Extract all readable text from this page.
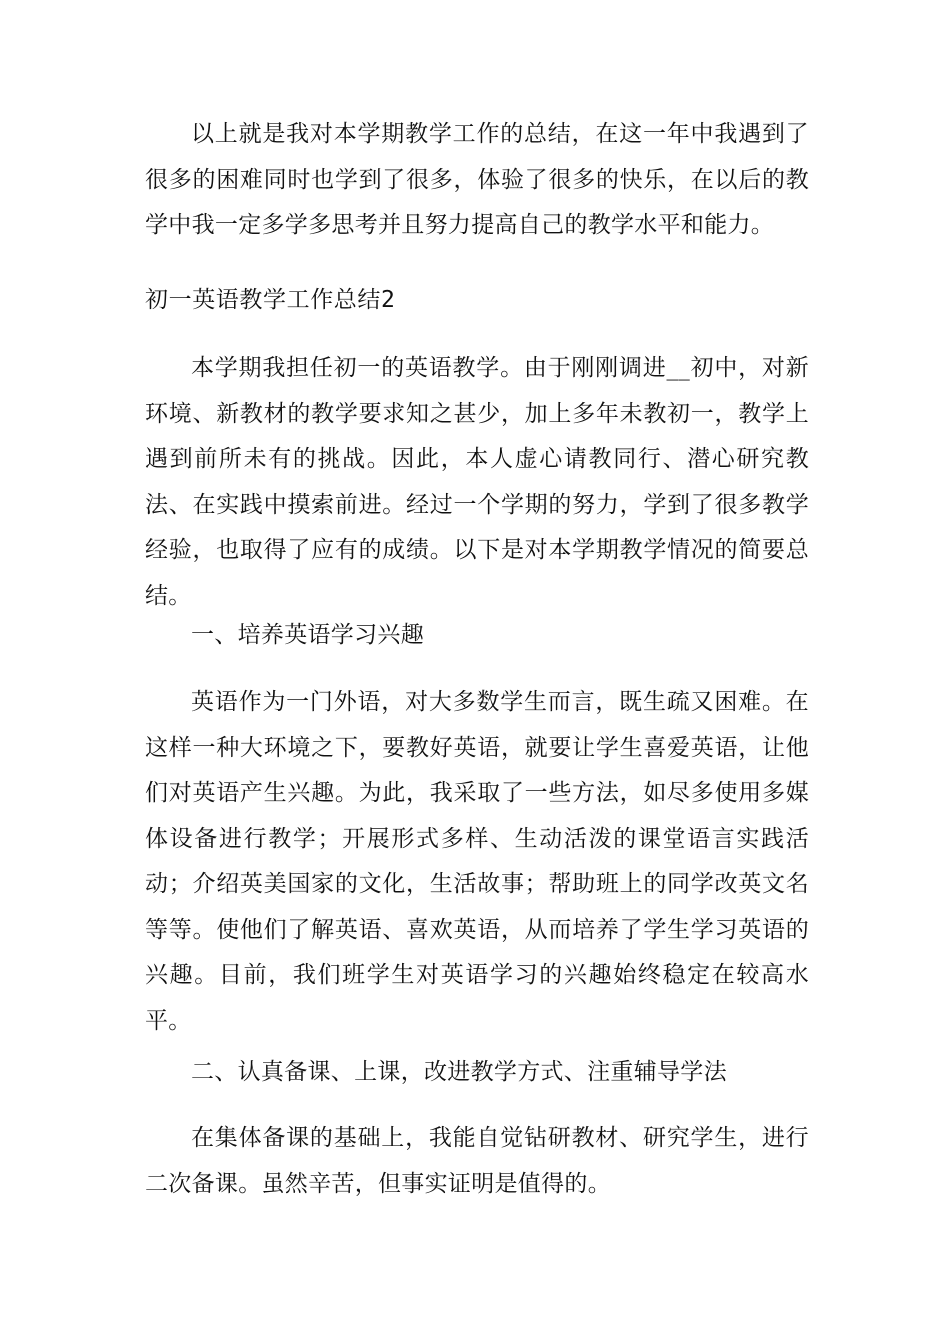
以上就是我对本学期教学工作的总结，在这一年中我遇到了很多的困难同时也学到了很多，体验了很多的快乐，在以后的教学中我一定多学多思考并且努力提高自己的教学水平和能力。

初一英语教学工作总结2

本学期我担任初一的英语教学。由于刚刚调进__初中，对新环境、新教材的教学要求知之甚少，加上多年未教初一，教学上遇到前所未有的挑战。因此，本人虚心请教同行、潜心研究教法、在实践中摸索前进。经过一个学期的努力，学到了很多教学经验，也取得了应有的成绩。以下是对本学期教学情况的简要总结。

一、培养英语学习兴趣

英语作为一门外语，对大多数学生而言，既生疏又困难。在这样一种大环境之下，要教好英语，就要让学生喜爱英语，让他们对英语产生兴趣。为此，我采取了一些方法，如尽多使用多媒体设备进行教学；开展形式多样、生动活泼的课堂语言实践活动；介绍英美国家的文化，生活故事；帮助班上的同学改英文名等等。使他们了解英语、喜欢英语，从而培养了学生学习英语的兴趣。目前，我们班学生对英语学习的兴趣始终稳定在较高水平。

二、认真备课、上课，改进教学方式、注重辅导学法

在集体备课的基础上，我能自觉钻研教材、研究学生，进行二次备课。虽然辛苦，但事实证明是值得的。
